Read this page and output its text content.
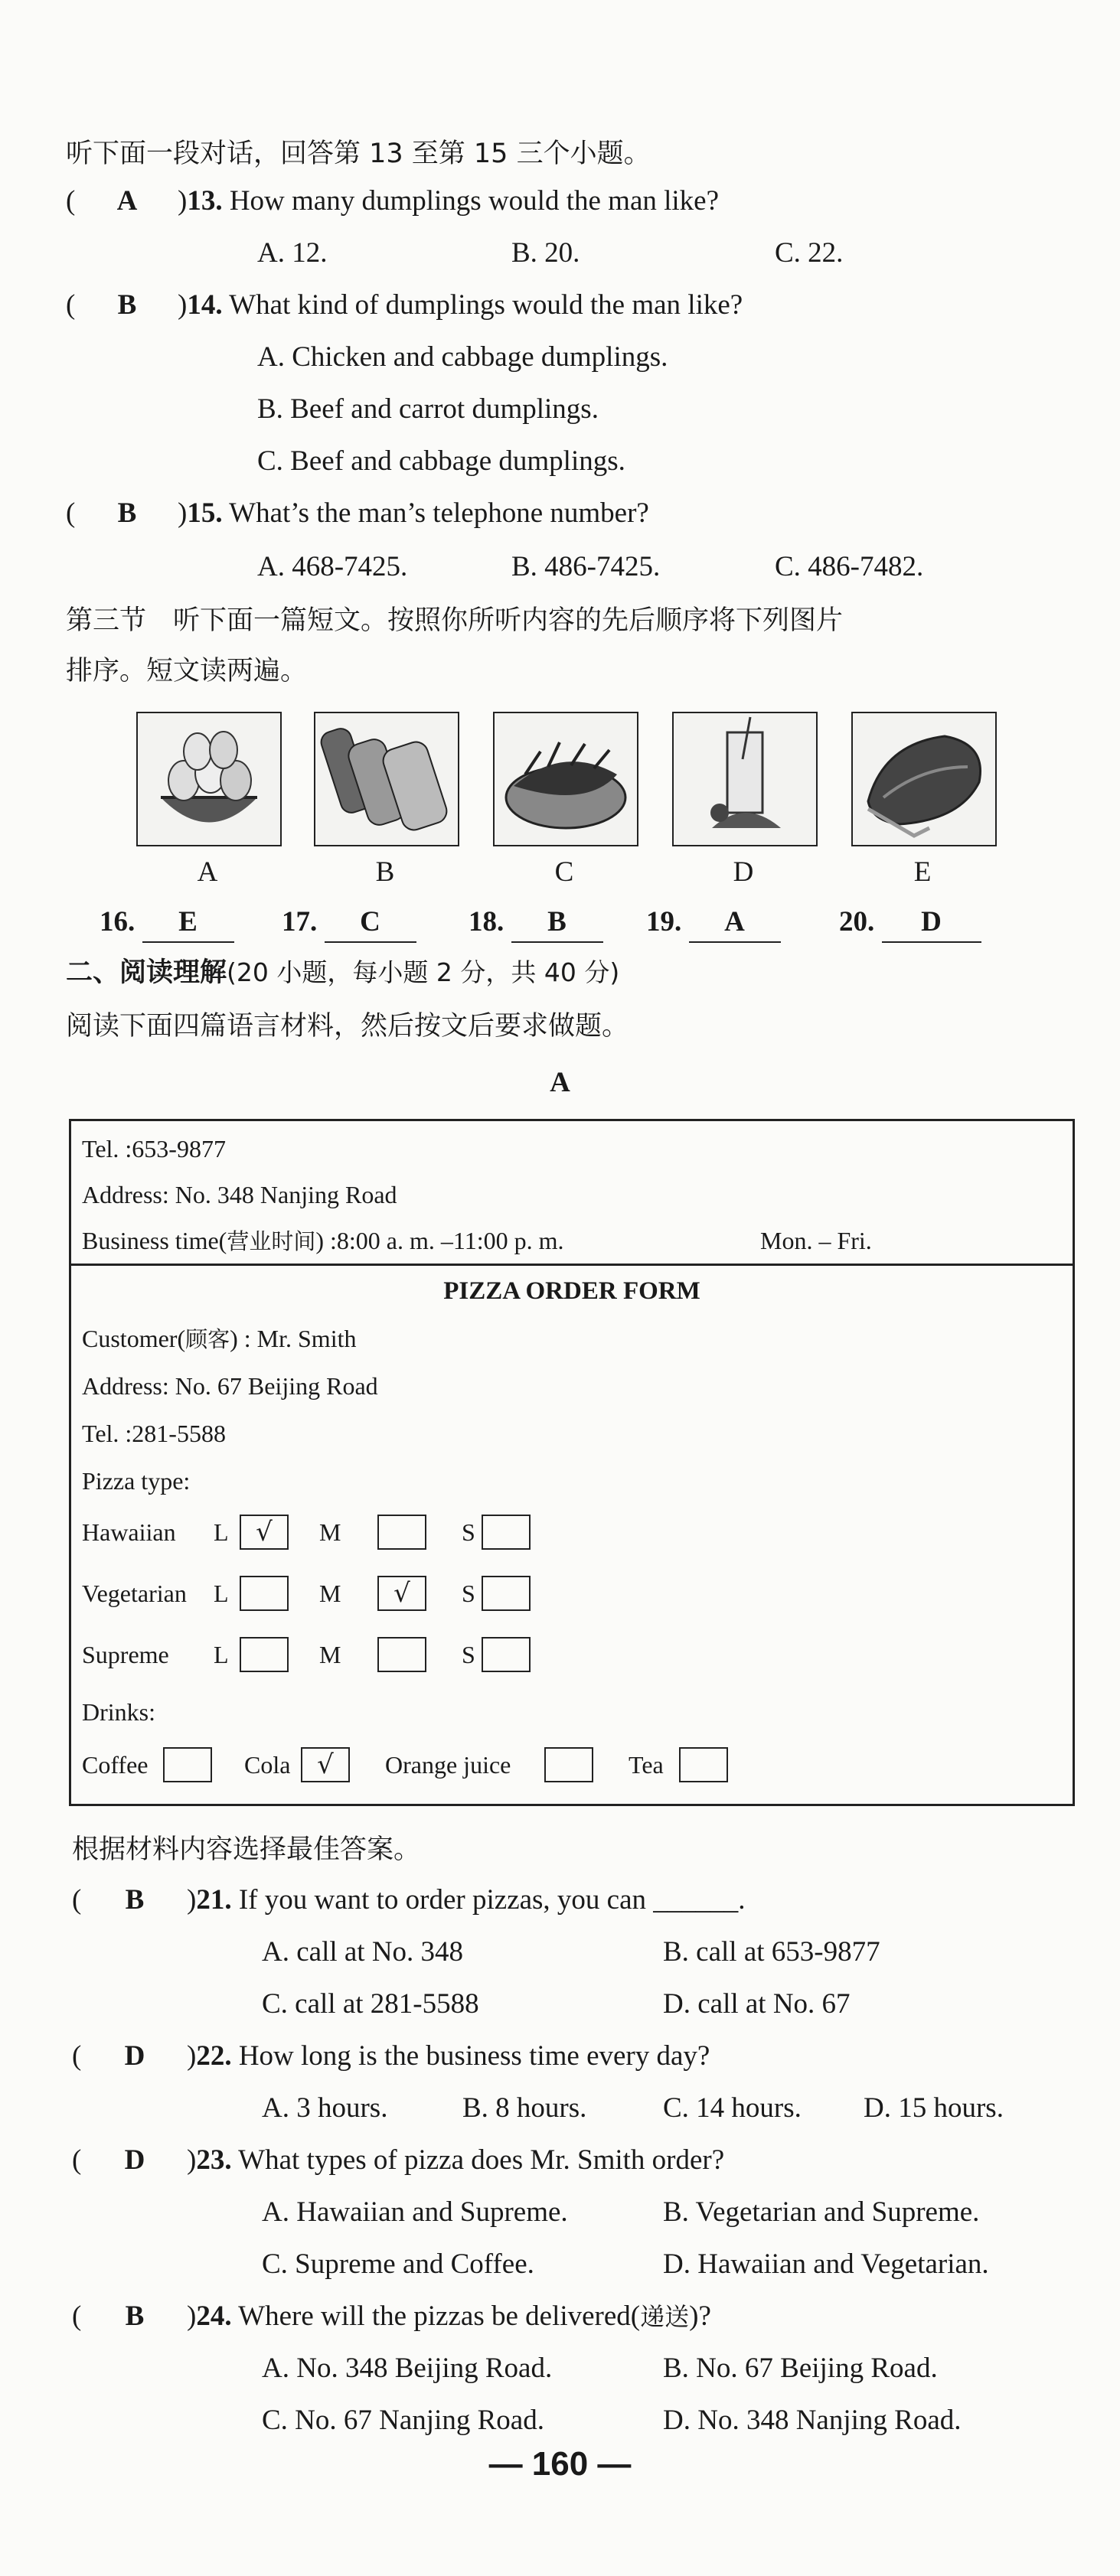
听下面一段对话，回答第 13 至第 15 三个小题。
(	A	)13. How many dumplings would the man like?
A. 12.	B. 20.	C. 22.
(	B	)14. What kind of dumplings would the man like?
A. Chicken and cabbage dumplings.
B. Beef and carrot dumplings.
C. Beef and cabbage dumplings.
(	B	)15. What’s the man’s telephone number?
A. 468-7425.	B. 486-7425.	C. 486-7482.
第三节　听下面一篇短文。按照你所听内容的先后顺序将下列图片
排序。短文读两遍。
A	B	C	D	E
16. E	17. C	18. B	19. A	20. D
二、阅读理解(20 小题，每小题 2 分，共 40 分)
阅读下面四篇语言材料，然后按文后要求做题。
A
Tel. :653-9877
Address: No. 348 Nanjing Road
Business time(营业时间) :8:00 a. m. –11:00 p. m.	Mon. – Fri.
PIZZA ORDER FORM
Customer(顾客) : Mr. Smith
Address: No. 67 Beijing Road
Tel. :281-5588
Pizza type:
Hawaiian L	√	M	S
Vegetarian L	M	√	S
Supreme L	M	S
Drinks:
Coffee	Cola	√	Orange juice	Tea
根据材料内容选择最佳答案。
(	B	)21. If you want to order pizzas, you can ______.
A. call at No. 348	B. call at 653-9877
C. call at 281-5588	D. call at No. 67
(	D	)22. How long is the business time every day?
A. 3 hours.	B. 8 hours.	C. 14 hours. D. 15 hours.
(	D	)23. What types of pizza does Mr. Smith order?
A. Hawaiian and Supreme.	B. Vegetarian and Supreme.
C. Supreme and Coffee.	D. Hawaiian and Vegetarian.
(	B	)24. Where will the pizzas be delivered(递送)?
A. No. 348 Beijing Road.	B. No. 67 Beijing Road.
C. No. 67 Nanjing Road.	D. No. 348 Nanjing Road.
— 160 —
